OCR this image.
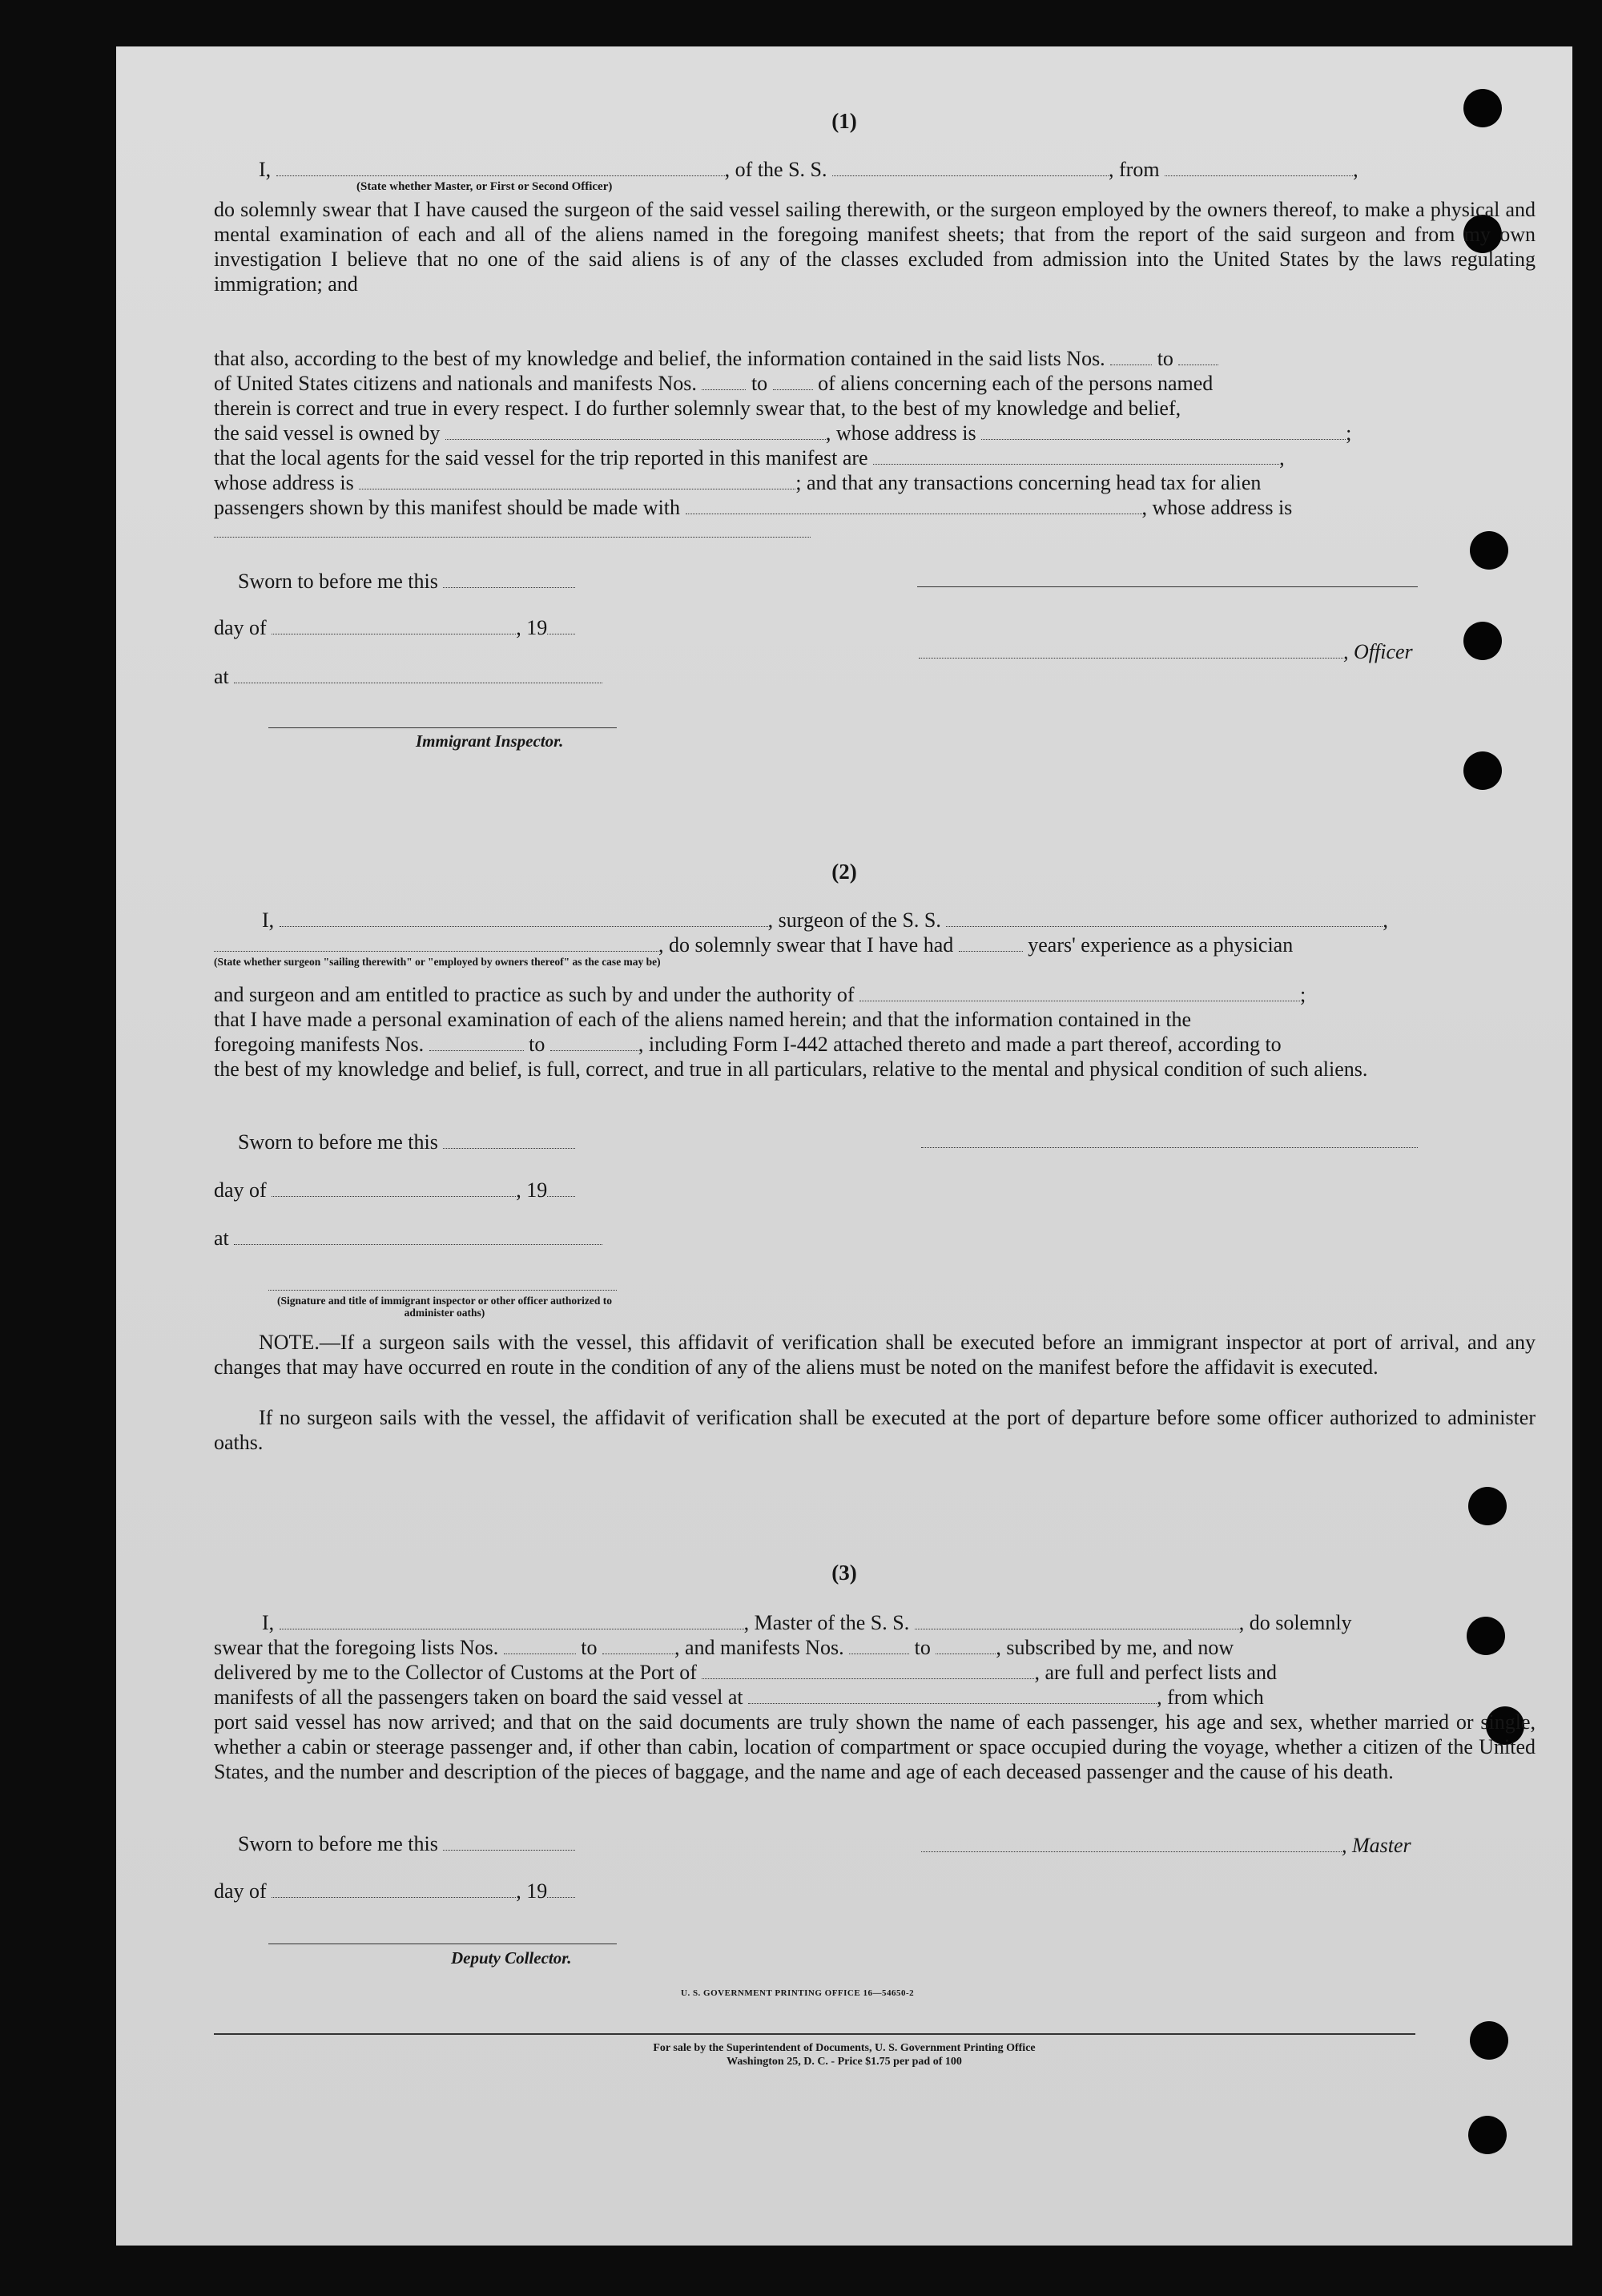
(1)
I,	, of the S. S.	, from	,
(State whether Master, or First or Second Officer)
do solemnly swear that I have caused the surgeon of the said vessel sailing therewith, or the surgeon employed by the owners thereof, to make a physical and mental examination of each and all of the aliens named in the foregoing manifest sheets; that from the report of the said surgeon and from my own investigation I believe that no one of the said aliens is of any of the classes excluded from admission into the United States by the laws regulating immigration; and
that also, according to the best of my knowledge and belief, the information contained in the said lists Nos.	to
of United States citizens and nationals and manifests Nos.	to of aliens concerning each of the persons named
therein is correct and true in every respect. I do further solemnly swear that, to the best of my knowledge and belief,
the said vessel is owned by	, whose address is	;
that the local agents for the said vessel for the trip reported in this manifest are	,
whose address is	; and that any transactions concerning head tax for alien
passengers shown by this manifest should be made with	, whose address is
Sworn to before me this
day of	, 19
, Officer
at
Immigrant Inspector.
(2)
I,	, surgeon of the S. S.	,
, do solemnly swear that I have had	years' experience as a physician
(State whether surgeon "sailing therewith" or "employed by owners thereof" as the case may be)
and surgeon and am entitled to practice as such by and under the authority of	;
that I have made a personal examination of each of the aliens named herein; and that the information contained in the
foregoing manifests Nos.	to	, including Form I-442 attached thereto and made a part thereof, according to
the best of my knowledge and belief, is full, correct, and true in all particulars, relative to the mental and physical condition of such aliens.
Sworn to before me this
day of	, 19
at
(Signature and title of immigrant inspector or other officer authorized to administer oaths)
NOTE.—If a surgeon sails with the vessel, this affidavit of verification shall be executed before an immigrant inspector at port of arrival, and any changes that may have occurred en route in the condition of any of the aliens must be noted on the manifest before the affidavit is executed.
If no surgeon sails with the vessel, the affidavit of verification shall be executed at the port of departure before some officer authorized to administer oaths.
(3)
I,	, Master of the S. S.	, do solemnly
swear that the foregoing lists Nos.	to	, and manifests Nos.	to	, subscribed by me, and now
delivered by me to the Collector of Customs at the Port of	, are full and perfect lists and
manifests of all the passengers taken on board the said vessel at	, from which
port said vessel has now arrived; and that on the said documents are truly shown the name of each passenger, his age and sex, whether married or single, whether a cabin or steerage passenger and, if other than cabin, location of compartment or space occupied during the voyage, whether a citizen of the United States, and the number and description of the pieces of baggage, and the name and age of each deceased passenger and the cause of his death.
Sworn to before me this	, Master
day of	, 19
Deputy Collector.
U. S. GOVERNMENT PRINTING OFFICE 16—54650-2
For sale by the Superintendent of Documents, U. S. Government Printing Office
Washington 25, D. C. - Price $1.75 per pad of 100
